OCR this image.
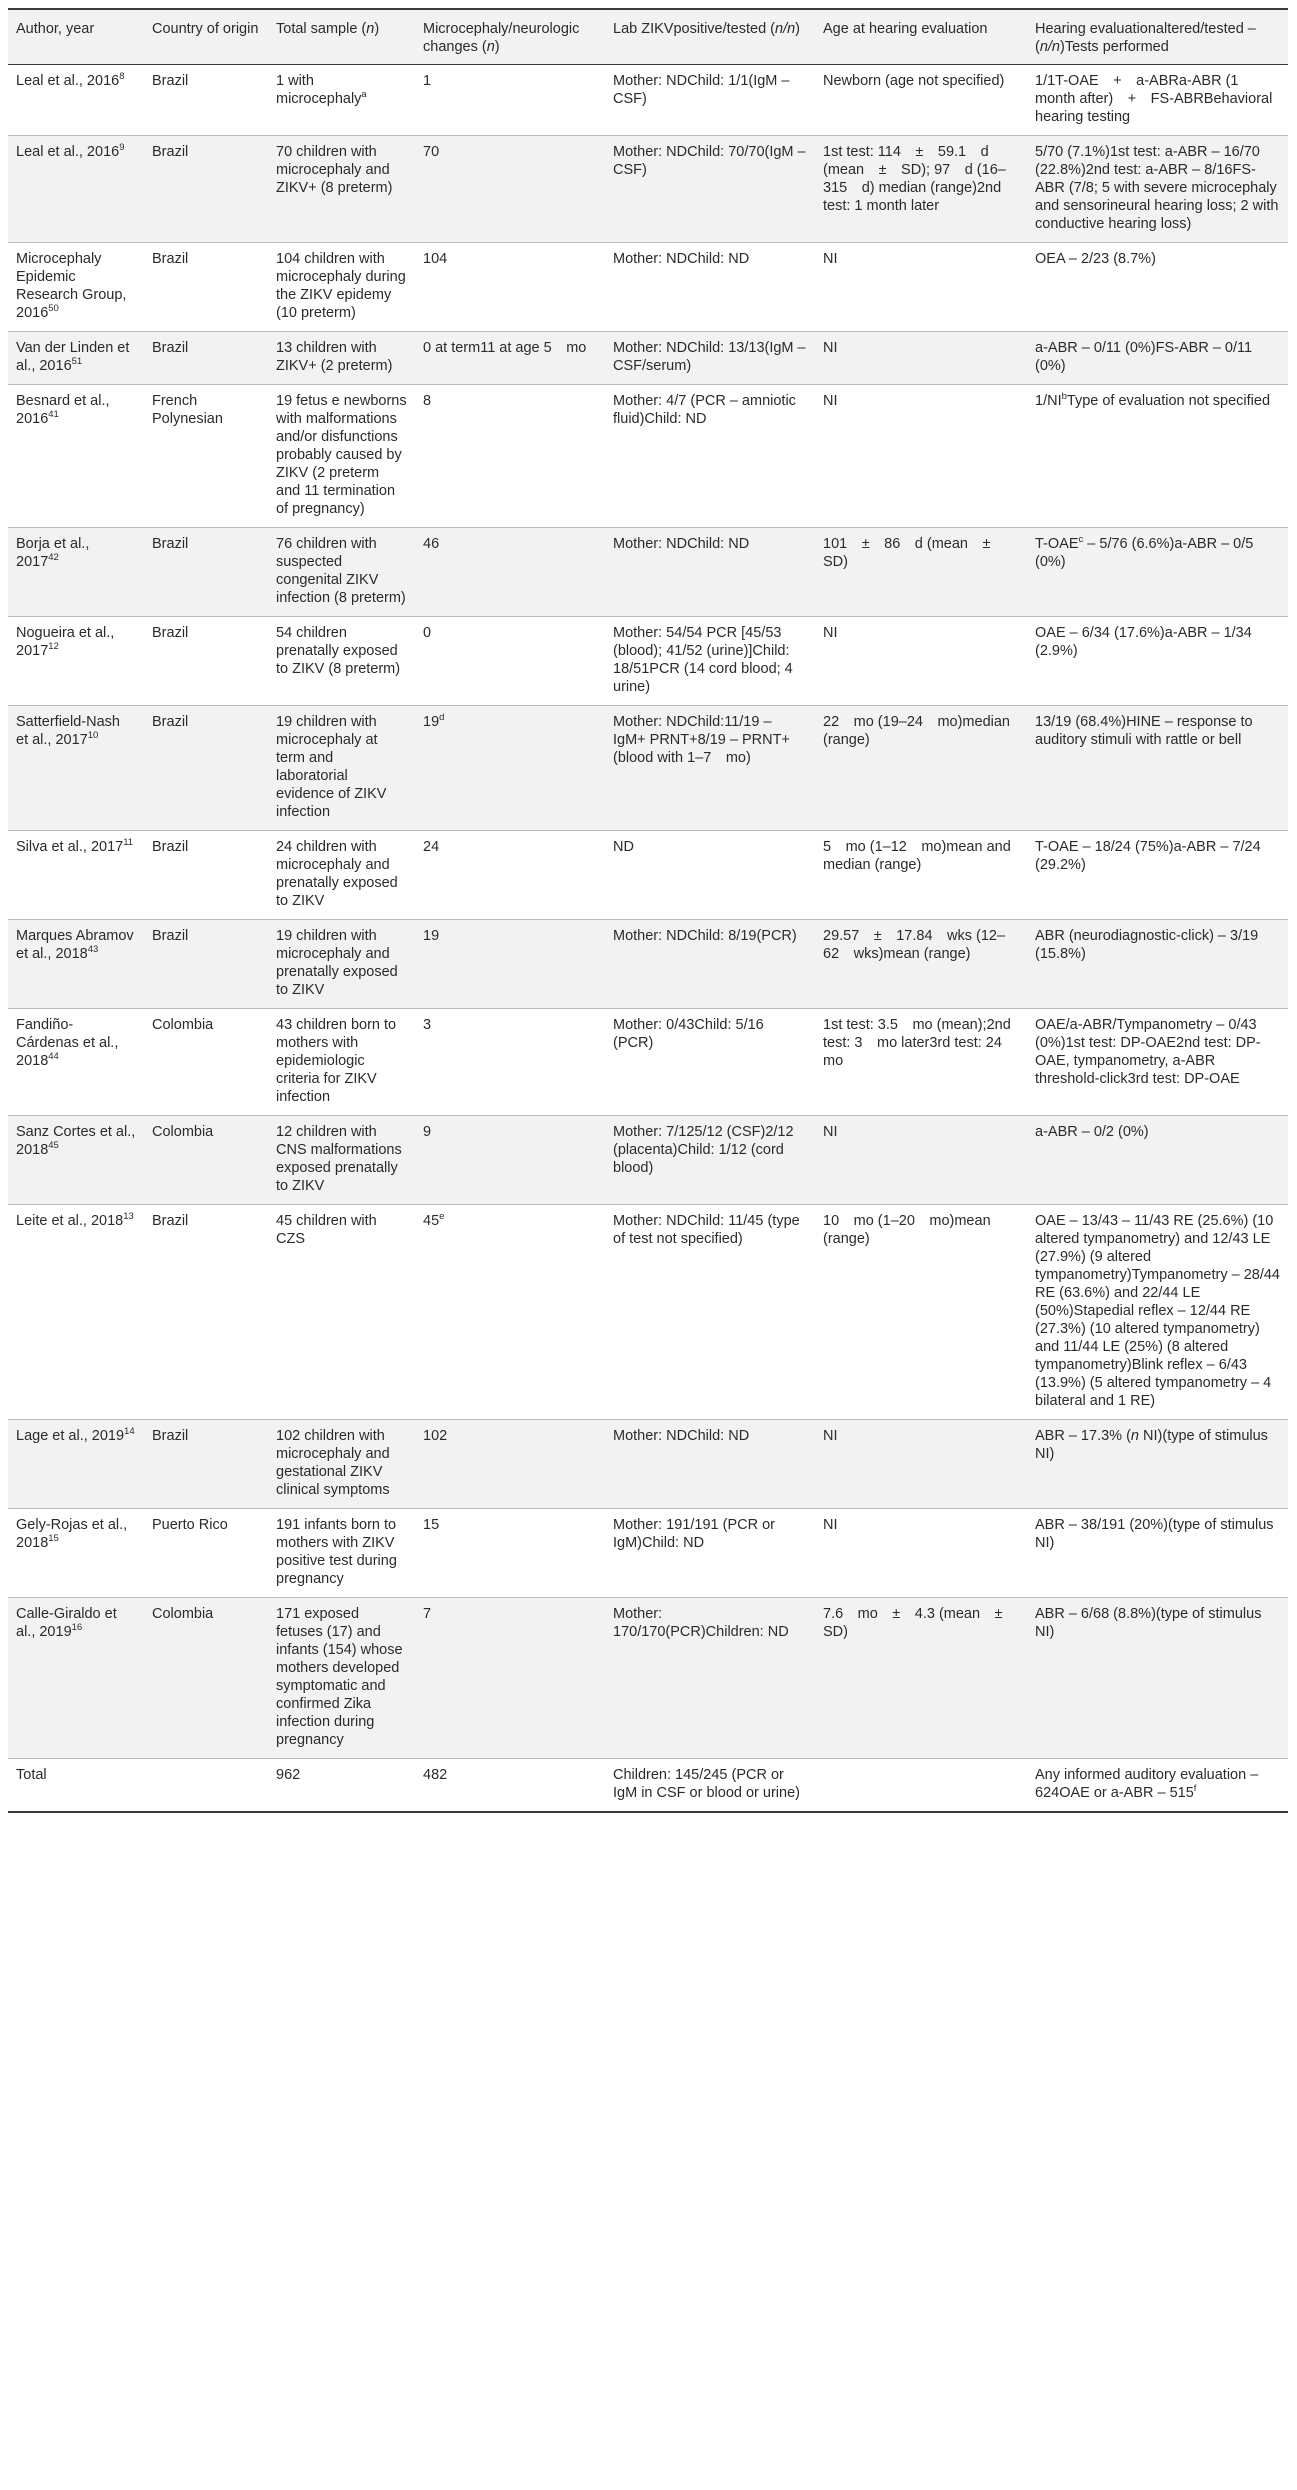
Author, year	Country of origin	Total sample (n)	Microcephaly/neurologic changes (n)	Lab ZIKVpositive/tested (n/n)	Age at hearing evaluation	Hearing evaluationaltered/tested – (n/n)Tests performed
Leal et al., 2016$^8$	Brazil	1 with microcephaly$^a$	1	Mother: NDChild: 1/1(IgM – CSF)	Newborn (age not specified)	1/1T-OAE + a-ABRa-ABR (1 month after) + FS-ABRBehavioral hearing testing
Leal et al., 2016$^9$	Brazil	70 children with microcephaly and ZIKV+ (8 preterm)	70	Mother: NDChild: 70/70(IgM – CSF)	1st test: 114 ± 59.1 d (mean ± SD); 97 d (16–315 d) median (range)2nd test: 1 month later	5/70 (7.1%)1st test: a-ABR – 16/70 (22.8%)2nd test: a-ABR – 8/16FS-ABR (7/8; 5 with severe microcephaly and sensorineural hearing loss; 2 with conductive hearing loss)
Microcephaly Epidemic Research Group, 2016$^{50}$	Brazil	104 children with microcephaly during the ZIKV epidemy (10 preterm)	104	Mother: NDChild: ND	NI	OEA – 2/23 (8.7%)
Van der Linden et al., 2016$^{51}$	Brazil	13 children with ZIKV+ (2 preterm)	0 at term11 at age 5 mo	Mother: NDChild: 13/13(IgM – CSF/serum)	NI	a-ABR – 0/11 (0%)FS-ABR – 0/11 (0%)
Besnard et al., 2016$^{41}$	French Polynesian	19 fetus e newborns with malformations and/or disfunctions probably caused by ZIKV (2 preterm and 11 termination of pregnancy)	8	Mother: 4/7 (PCR – amniotic fluid)Child: ND	NI	$1/NI^bType$ of evaluation not specified
Borja et al., 2017$^{42}$	Brazil	76 children with suspected congenital ZIKV infection (8 preterm)	46	Mother: NDChild: ND	101 ± 86 d (mean ± SD)	T-OAE$^c$ – 5/76 (6.6%)a-ABR – 0/5 (0%)
Nogueira et al., 2017$^{12}$	Brazil	54 children prenatally exposed to ZIKV (8 preterm)	0	Mother: 54/54 PCR [45/53 (blood); 41/52 (urine)]Child: 18/51PCR (14 cord blood; 4 urine)	NI	OAE – 6/34 (17.6%)a-ABR – 1/34 (2.9%)
Satterfield-Nash et al., 2017$^{10}$	Brazil	19 children with microcephaly at term and laboratorial evidence of ZIKV infection	19$^d$	Mother: NDChild:11/19 – IgM+ PRNT+8/19 – PRNT+(blood with 1–7 mo)	22 mo (19–24 mo)median (range)	13/19 (68.4%)HINE – response to auditory stimuli with rattle or bell
Silva et al., 2017$^{11}$	Brazil	24 children with microcephaly and prenatally exposed to ZIKV	24	ND	5 mo (1–12 mo)mean and median (range)	T-OAE – 18/24 (75%)a-ABR – 7/24 (29.2%)
Marques Abramov et al., 2018$^{43}$	Brazil	19 children with microcephaly and prenatally exposed to ZIKV	19	Mother: NDChild: 8/19(PCR)	29.57 ± 17.84 wks (12–62 wks)mean (range)	ABR (neurodiagnostic-click) – 3/19 (15.8%)
Fandiño-Cárdenas et al., 2018$^{44}$	Colombia	43 children born to mothers with epidemiologic criteria for ZIKV infection	3	Mother: 0/43Child: 5/16 (PCR)	1st test: 3.5 mo (mean);2nd test: 3 mo later3rd test: 24 mo	OAE/a-ABR/Tympanometry – 0/43 (0%)1st test: DP-OAE2nd test: DP-OAE, tympanometry, a-ABR threshold-click3rd test: DP-OAE
Sanz Cortes et al., 2018$^{45}$	Colombia	12 children with CNS malformations exposed prenatally to ZIKV	9	Mother: 7/125/12 (CSF)2/12 (placenta)Child: 1/12 (cord blood)	NI	a-ABR – 0/2 (0%)
Leite et al., 2018$^{13}$	Brazil	45 children with CZS	45e	Mother: NDChild: 11/45 (type of test not specified)	10 mo (1–20 mo)mean (range)	OAE – 13/43 – 11/43 RE (25.6%) (10 altered tympanometry) and 12/43 LE (27.9%) (9 altered tympanometry)Tympanometry – 28/44 RE (63.6%) and 22/44 LE (50%)Stapedial reflex – 12/44 RE (27.3%) (10 altered tympanometry) and 11/44 LE (25%) (8 altered tympanometry)Blink reflex – 6/43 (13.9%) (5 altered tympanometry – 4 bilateral and 1 RE)
Lage et al., 2019$^{14}$	Brazil	102 children with microcephaly and gestational ZIKV clinical symptoms	102	Mother: NDChild: ND	NI	ABR – 17.3% (n NI)(type of stimulus NI)
Gely-Rojas et al., 2018$^{15}$	Puerto Rico	191 infants born to mothers with ZIKV positive test during pregnancy	15	Mother: 191/191 (PCR or IgM)Child: ND	NI	ABR – 38/191 (20%)(type of stimulus NI)
Calle-Giraldo et al., 2019$^{16}$	Colombia	171 exposed fetuses (17) and infants (154) whose mothers developed symptomatic and confirmed Zika infection during pregnancy	7	Mother: 170/170(PCR)Children: ND	7.6 mo ± 4.3 (mean ± SD)	ABR – 6/68 (8.8%)(type of stimulus NI)
Total		962	482	Children: 145/245 (PCR or IgM in CSF or blood or urine)		Any informed auditory evaluation – 624OAE or a-ABR – 515$^f$
